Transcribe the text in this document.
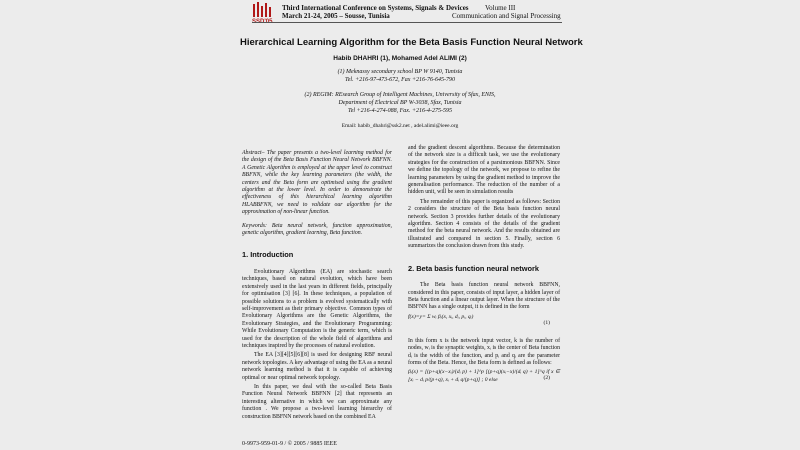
Third International Conference on Systems, Signals & Devices
March 21-24, 2005 – Sousse, Tunisia
Volume III
Communication and Signal Processing
Hierarchical Learning Algorithm for the Beta Basis Function Neural Network
Habib DHAHRI (1), Mohamed Adel ALIMI (2)
(1) Meknassy secondary school BP W 9140, Tunisia
Tel. +216-97-473-672, Fax +216-76-645-790
(2) REGIM: REsearch Group of Intelligent Machines, University of Sfax, ENIS,
Department of Electrical BP W-3038, Sfax, Tunisia
Tel +216-4-274-088, Fax. +216-4-275-595
Email: habib_dhahri@ssk2.net , adel.alimi@ieee.org

Abstract– The paper presents a two-level learning method for the design of the Beta Basis Function Neural Network BBFNN. A Genetic Algorithm is employed at the upper level to construct BBFNN, while the key learning parameters (the width, the centers and the Beta form are optimised using the gradient algorithm at the lower level. In order to demonstrate the effectiveness of this hierarchical learning algorithm HLABBFNN, we need to validate our algorithm for the approximation of non-linear function.

Keywords: Beta neural network, function approximation, genetic algorithm, gradient learning, Beta function.

1. Introduction

Evolutionary Algorithms (EA) are stochastic search techniques, based on natural evolution, which have been extensively used in the last years in different fields, principally for optimisation [3] [6]. In these techniques, a population of possible solutions to a problem is evolved systematically with self-improvement as their primary objective. Common types of Evolutionary Algorithms are the Genetic Algorithms, the Evolutionary Strategies, and the Evolutionary Programming: While Evolutionary Computation is the generic term, which is used for the description of the whole field of algorithms and techniques inspired by the processes of natural evolution.

The EA [3][4][5][6][8] is used for designing RBF neural network topologies. A key advantage of using the EA as a neural network learning method is that it is capable of achieving optimal or near optimal network topology.

In this paper, we deal with the so-called Beta Basis Function Neural Network BBFNN [2] that represents an interesting alternative in which we can approximate any function . We propose a two-level learning hierarchy of construction BBFNN network based on the combined EA

and the gradient descent algorithms. Because the determination of the network size is a difficult task, we use the evolutionary strategies for the construction of a parsimonious BBFNN. Since we define the topology of the network, we propose to refine the learning parameters by using the gradient method to improve the generalisation performance. The reduction of the number of a hidden unit, will be seen in simulation results

The remainder of this paper is organized as follows: Section 2 considers the structure of the Beta basis function neural network. Section 3 provides further details of the evolutionary algorithm. Section 4 consists of the details of the gradient method for the beta neural network. And the results obtained are illustrated and compared in section 5. Finally, section 6 summarizes the conclusion drawn from this study.

2. Beta basis function neural network

The Beta basis function neural network BBFNN, considered in this paper, consists of input layer, a hidden layer of Beta function and a linear output layer. When the structure of the BBFNN has a single output, it is defined in the form

f(x)=y= Σ wᵢ βᵢ(x, xᵢ, dᵢ, pᵢ, qᵢ)
(1)

In this form x is the network input vector, k is the number of nodes, wᵢ is the synaptic weights, xᵢ is the center of Beta function dᵢ is the width of the function, and pᵢ and qᵢ are the parameter forms of the Beta. Hence, the Beta form is defined as follows:

βᵢ(x) = [(p+q)(x−xᵢ)/(dᵢ p) + 1]^p [(p+q)(xᵢ−x)/(dᵢ q) + 1]^q if x ∈ [xᵢ − dᵢ p/(p+q), xᵢ + dᵢ q/(p+q)] ; 0 else	(2)
0-9973-959-01-9 / © 2005 / 9885 IEEE
